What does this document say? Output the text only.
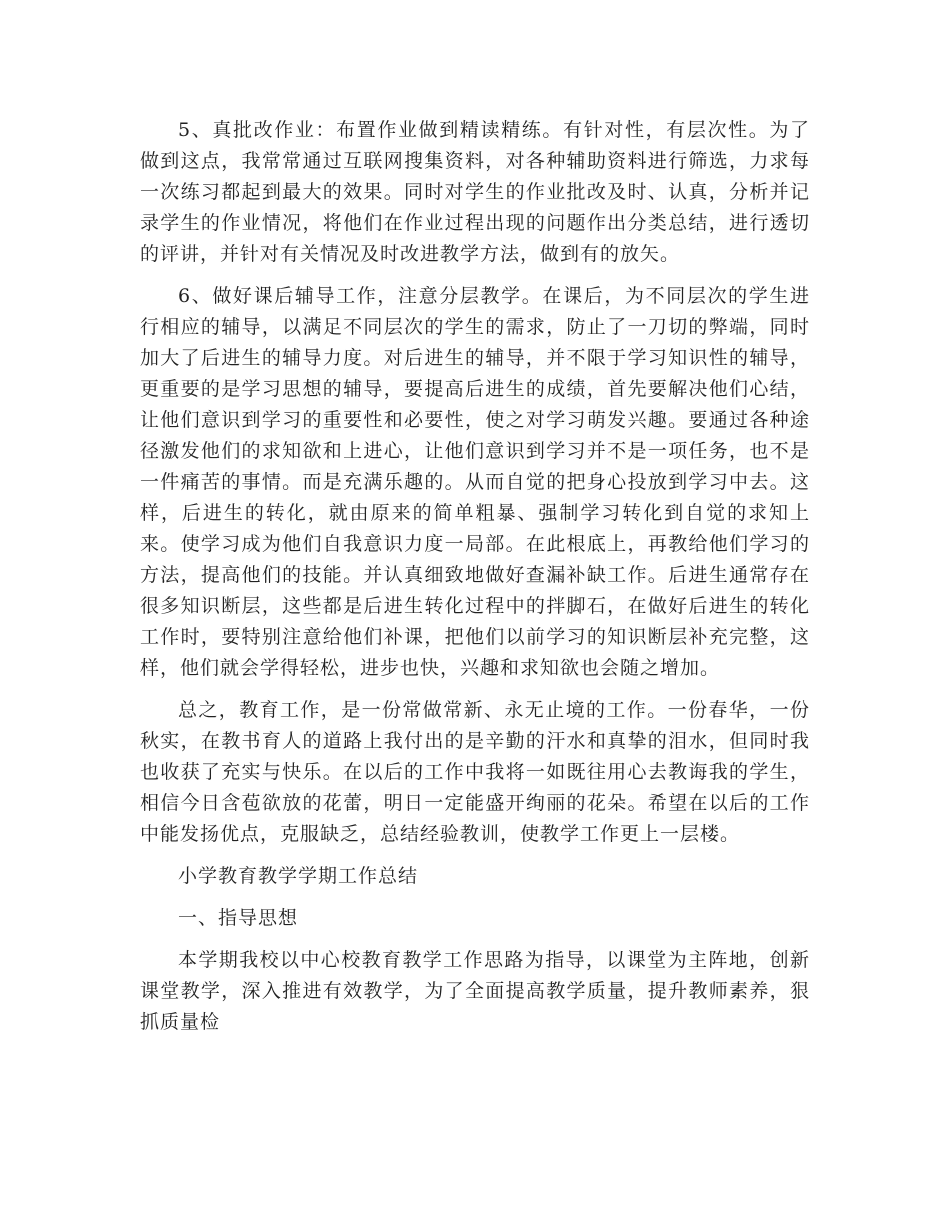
5、真批改作业：布置作业做到精读精练。有针对性，有层次性。为了做到这点，我常常通过互联网搜集资料，对各种辅助资料进行筛选，力求每一次练习都起到最大的效果。同时对学生的作业批改及时、认真，分析并记录学生的作业情况，将他们在作业过程出现的问题作出分类总结，进行透切的评讲，并针对有关情况及时改进教学方法，做到有的放矢。

6、做好课后辅导工作，注意分层教学。在课后，为不同层次的学生进行相应的辅导，以满足不同层次的学生的需求，防止了一刀切的弊端，同时加大了后进生的辅导力度。对后进生的辅导，并不限于学习知识性的辅导，更重要的是学习思想的辅导，要提高后进生的成绩，首先要解决他们心结，让他们意识到学习的重要性和必要性，使之对学习萌发兴趣。要通过各种途径激发他们的求知欲和上进心，让他们意识到学习并不是一项任务，也不是一件痛苦的事情。而是充满乐趣的。从而自觉的把身心投放到学习中去。这样，后进生的转化，就由原来的简单粗暴、强制学习转化到自觉的求知上来。使学习成为他们自我意识力度一局部。在此根底上，再教给他们学习的方法，提高他们的技能。并认真细致地做好查漏补缺工作。后进生通常存在很多知识断层，这些都是后进生转化过程中的拌脚石，在做好后进生的转化工作时，要特别注意给他们补课，把他们以前学习的知识断层补充完整，这样，他们就会学得轻松，进步也快，兴趣和求知欲也会随之增加。

总之，教育工作，是一份常做常新、永无止境的工作。一份春华，一份秋实，在教书育人的道路上我付出的是辛勤的汗水和真挚的泪水，但同时我也收获了充实与快乐。在以后的工作中我将一如既往用心去教诲我的学生，相信今日含苞欲放的花蕾，明日一定能盛开绚丽的花朵。希望在以后的工作中能发扬优点，克服缺乏，总结经验教训，使教学工作更上一层楼。

小学教育教学学期工作总结

一、指导思想

本学期我校以中心校教育教学工作思路为指导，以课堂为主阵地，创新课堂教学，深入推进有效教学，为了全面提高教学质量，提升教师素养，狠抓质量检
